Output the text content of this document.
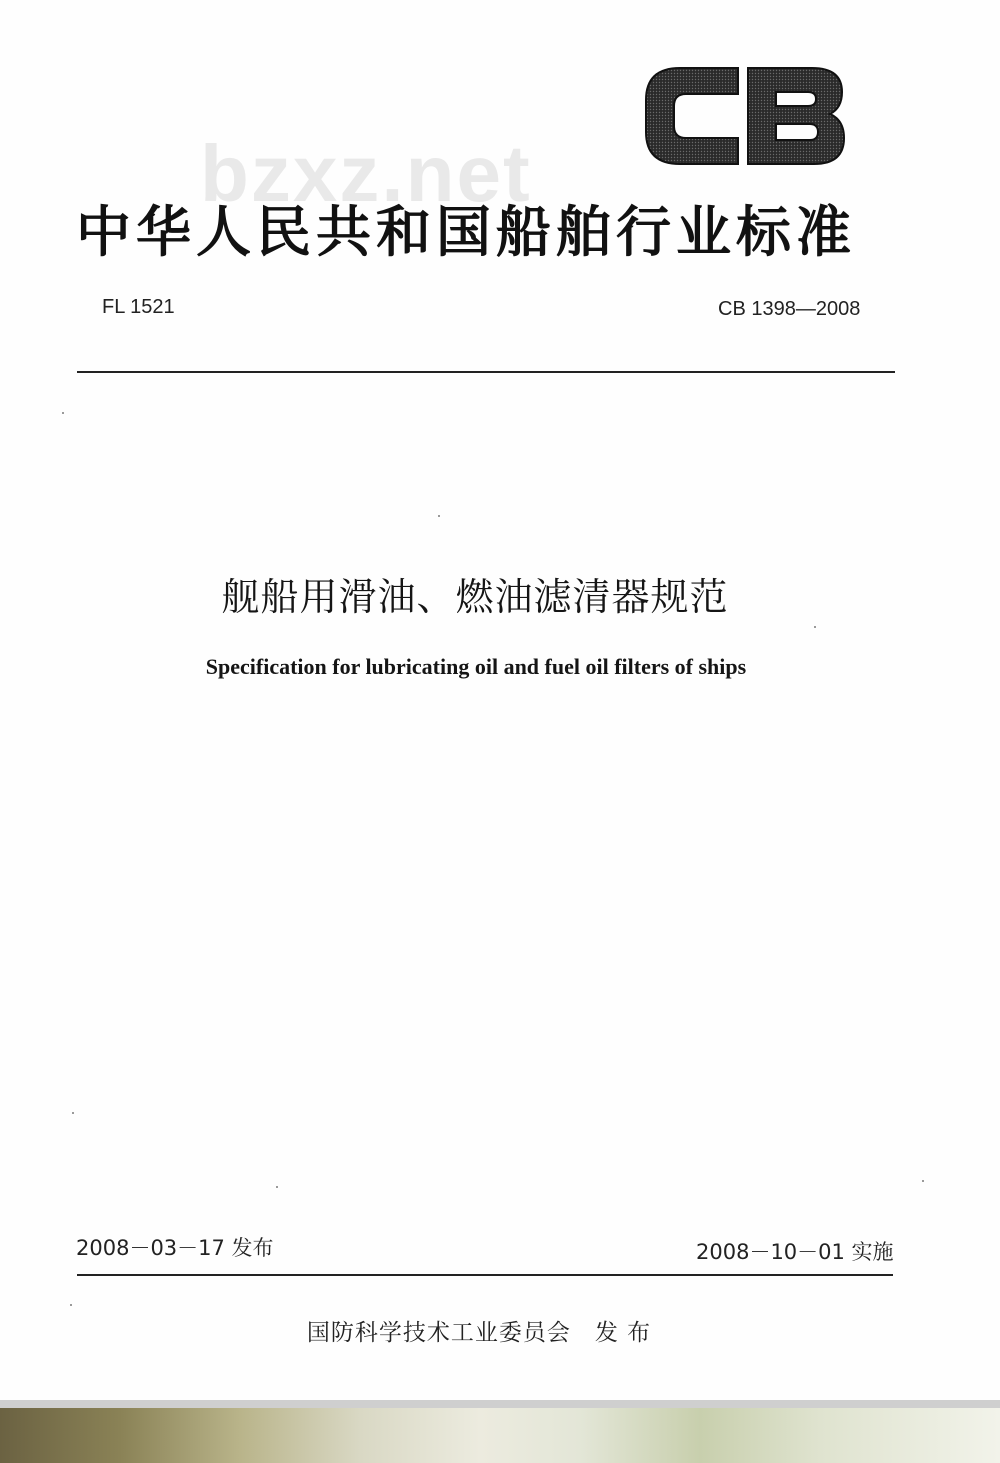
bzxz.net
中华人民共和国船舶行业标准
FL 1521	CB 1398—2008
舰船用滑油、燃油滤清器规范
Specification for lubricating oil and fuel oil filters of ships
2008－03－17 发布	2008－10－01 实施
国防科学技术工业委员会 发 布
